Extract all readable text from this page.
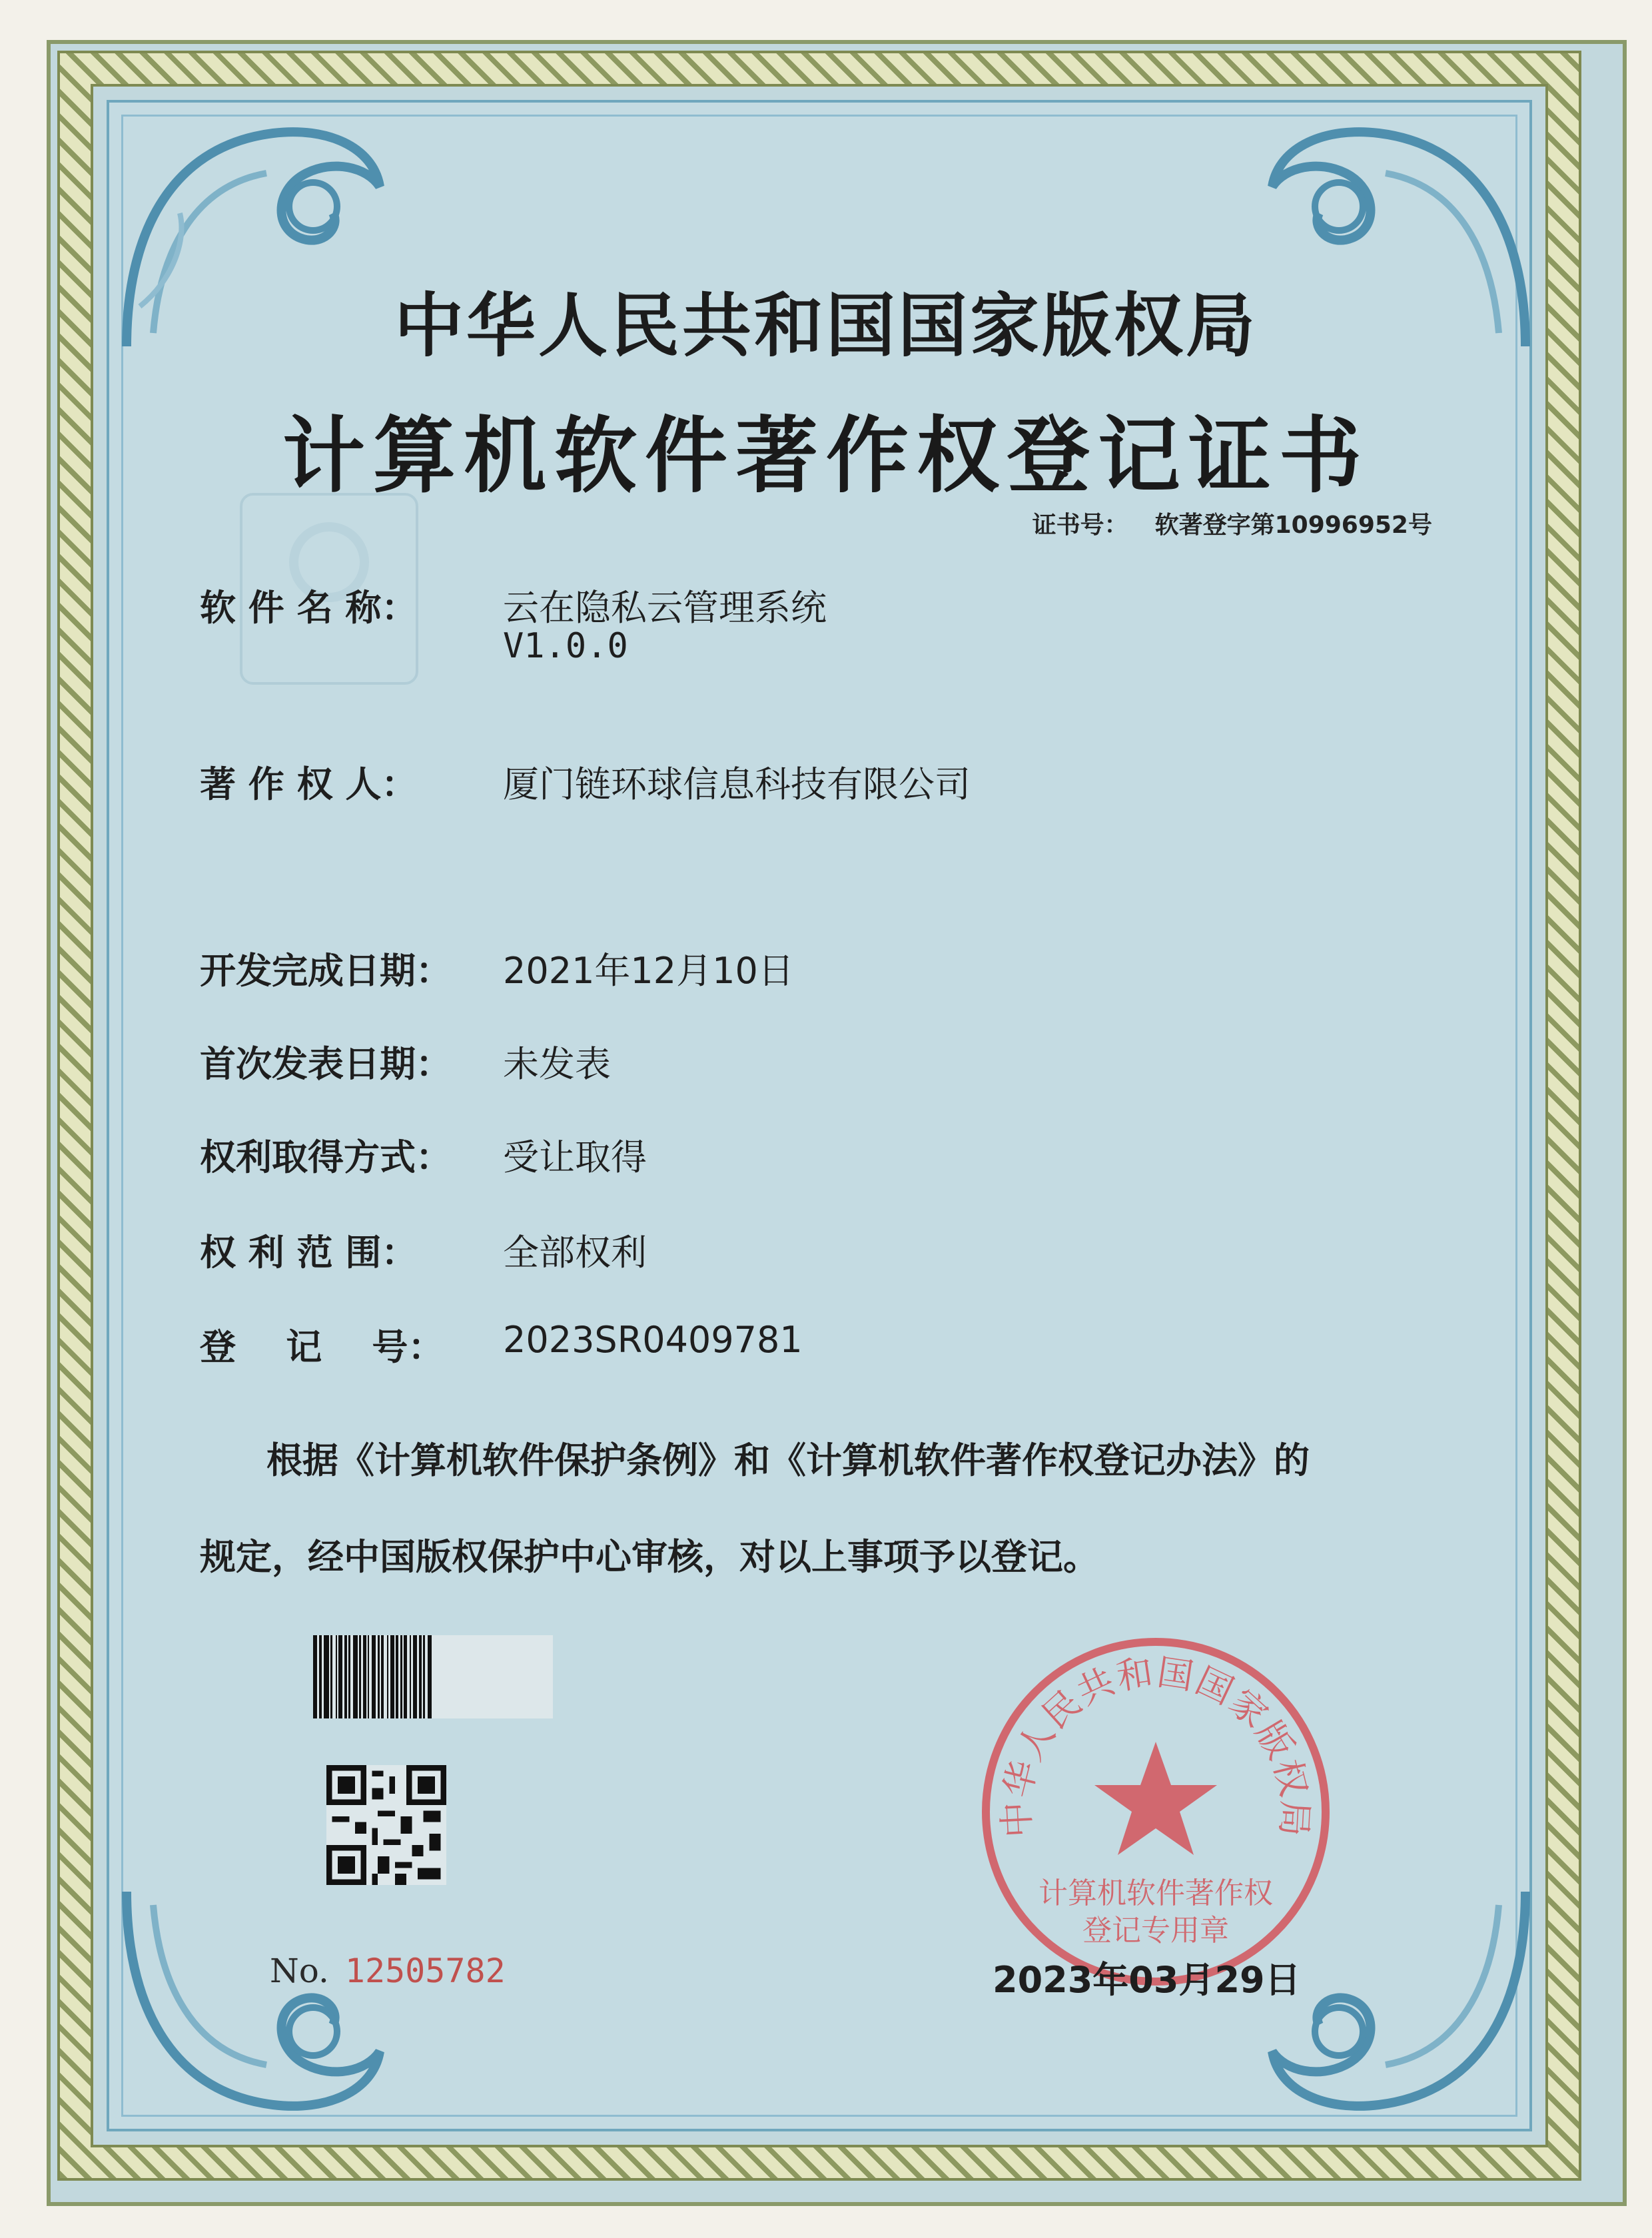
中华人民共和国国家版权局
计算机软件著作权登记证书
证书号： 软著登字第10996952号
软 件 名 称： 云在隐私云管理系统
V1.0.0
著 作 权 人： 厦门链环球信息科技有限公司
开发完成日期： 2021年12月10日
首次发表日期： 未发表
权利取得方式： 受让取得
权 利 范 围： 全部权利
登    记    号： 2023SR0409781
根据《计算机软件保护条例》和《计算机软件著作权登记办法》的
规定，经中国版权保护中心审核，对以上事项予以登记。
No. 12505782
中华人民共和国国家版权局
计算机软件著作权
登记专用章
2023年03月29日
